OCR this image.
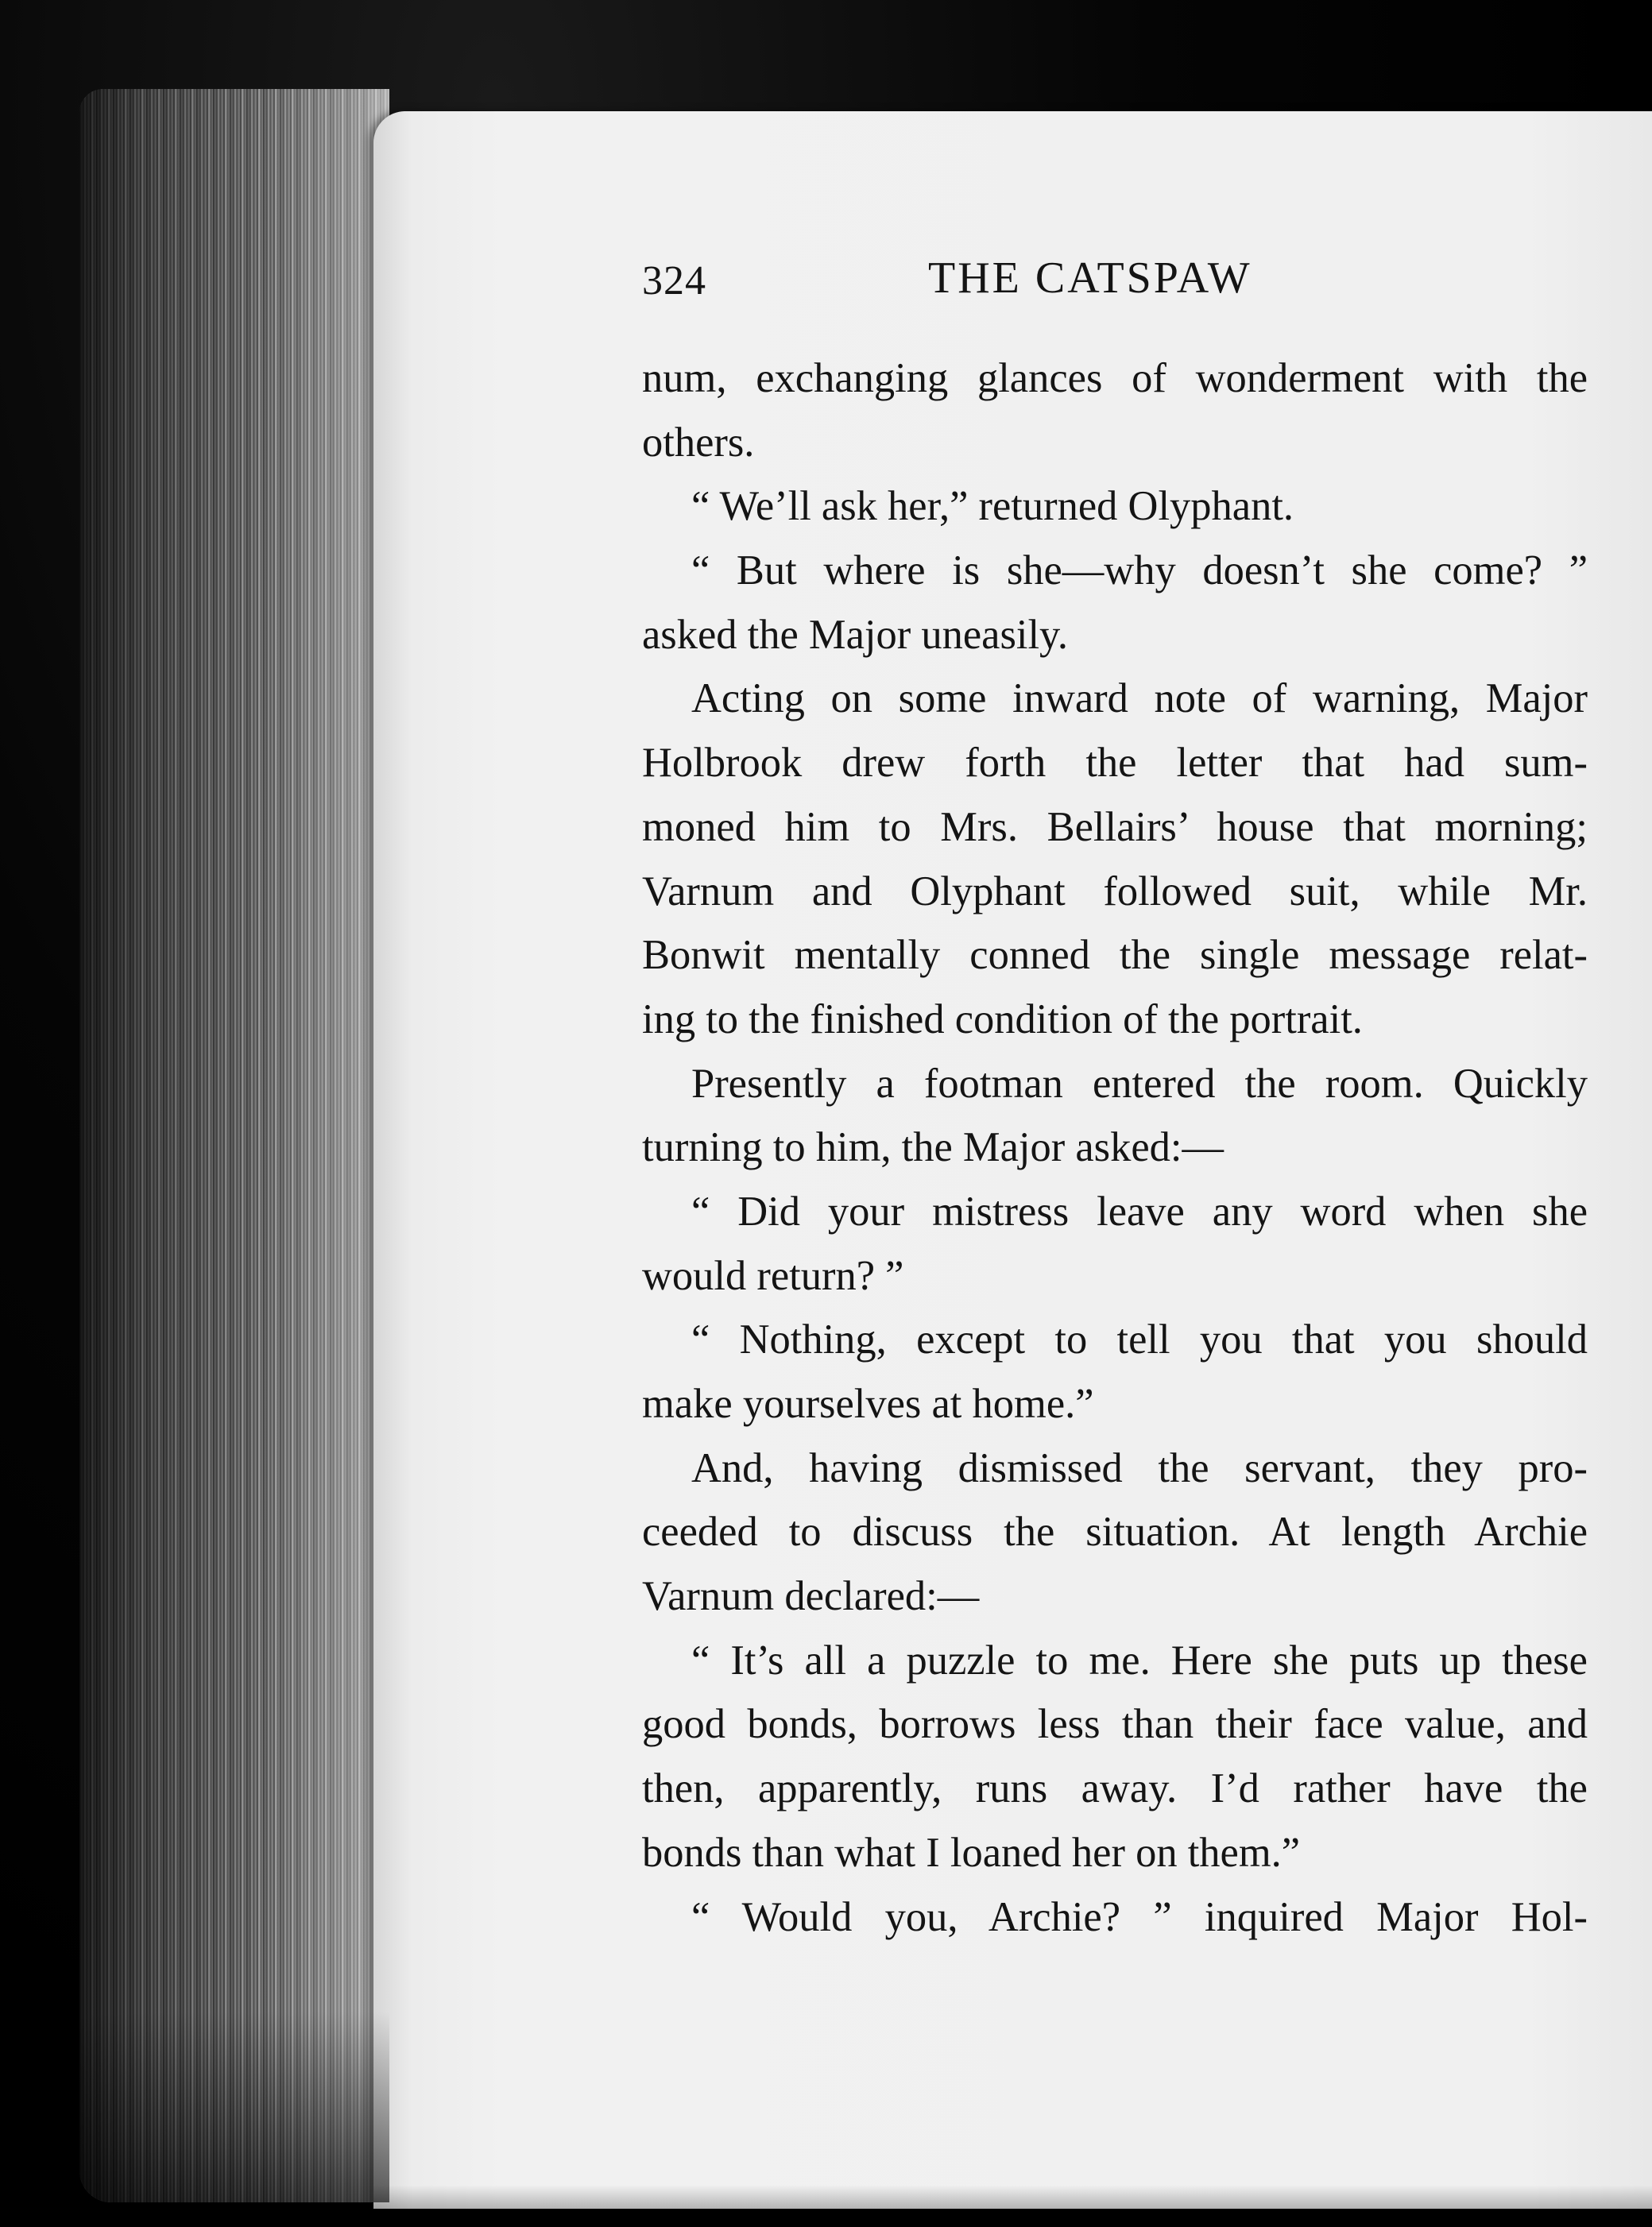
324	THE CATSPAW
num, exchanging glances of wonderment with the
others.
“ We’ll ask her,” returned Olyphant.
“ But where is she—why doesn’t she come? ”
asked the Major uneasily.
Acting on some inward note of warning, Major
Holbrook drew forth the letter that had sum-
moned him to Mrs. Bellairs’ house that morning;
Varnum and Olyphant followed suit, while Mr.
Bonwit mentally conned the single message relat-
ing to the finished condition of the portrait.
Presently a footman entered the room. Quickly
turning to him, the Major asked:—
“ Did your mistress leave any word when she
would return? ”
“ Nothing, except to tell you that you should
make yourselves at home.”
And, having dismissed the servant, they pro-
ceeded to discuss the situation. At length Archie
Varnum declared:—
“ It’s all a puzzle to me. Here she puts up these
good bonds, borrows less than their face value, and
then, apparently, runs away. I’d rather have the
bonds than what I loaned her on them.”
“ Would you, Archie? ” inquired Major Hol-
